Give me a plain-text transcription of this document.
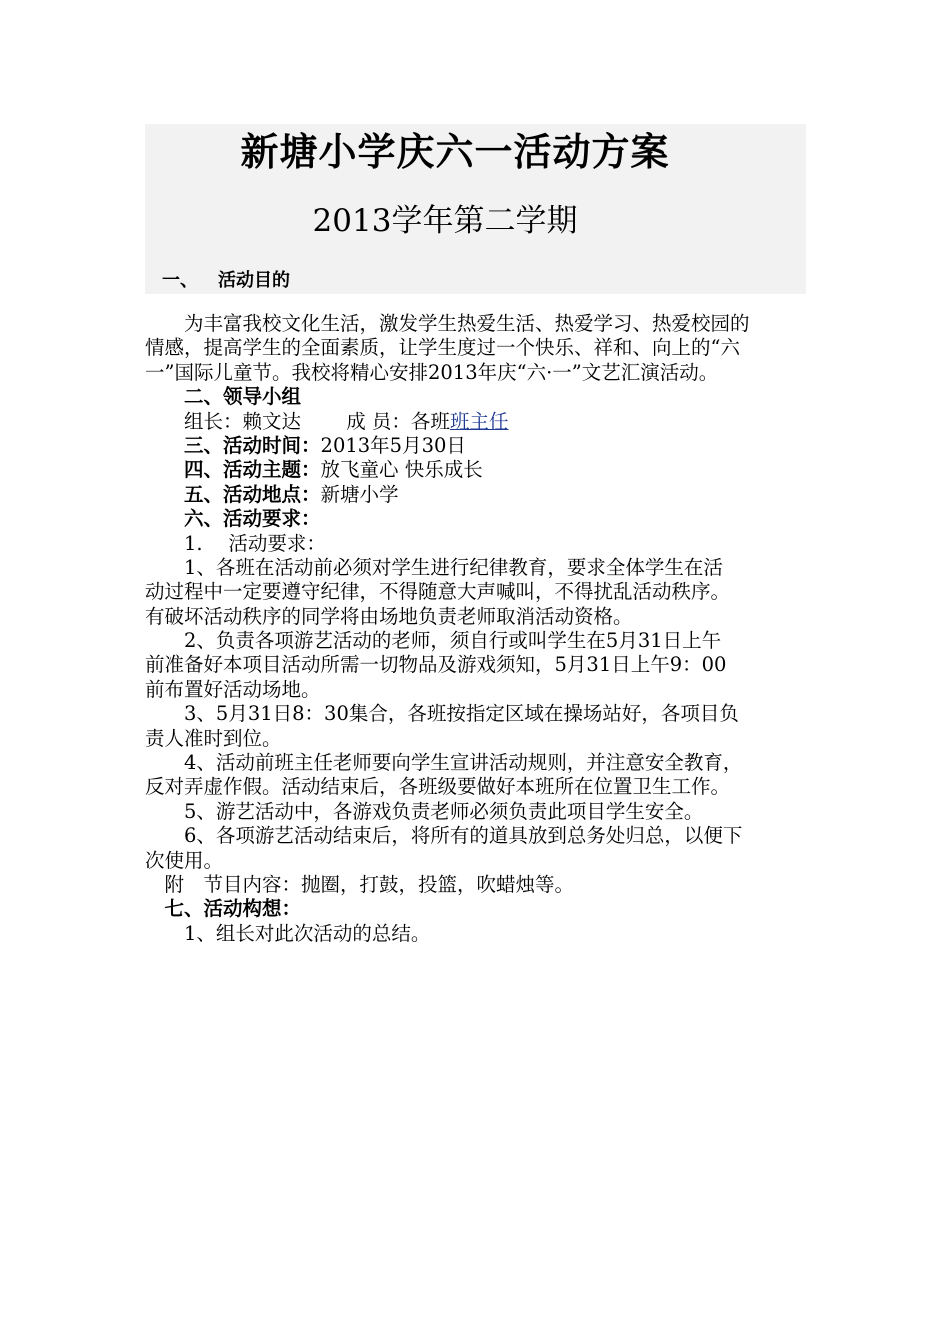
新塘小学庆六一活动方案
2013学年第二学期
一、 活动目的
　　为丰富我校文化生活，激发学生热爱生活、热爱学习、热爱校园的
情感，提高学生的全面素质，让学生度过一个快乐、祥和、向上的“六
一”国际儿童节。我校将精心安排2013年庆“六·一”文艺汇演活动。
　　二、领导小组
　　组长：赖文达　　 成 员：各班班主任
　　三、活动时间：2013年5月30日
　　四、活动主题：放飞童心 快乐成长
　　五、活动地点：新塘小学
　　六、活动要求：
　　1.　 活动要求：
　　1、各班在活动前必须对学生进行纪律教育，要求全体学生在活
动过程中一定要遵守纪律，不得随意大声喊叫，不得扰乱活动秩序。
有破坏活动秩序的同学将由场地负责老师取消活动资格。
　　2、负责各项游艺活动的老师，须自行或叫学生在5月31日上午
前准备好本项目活动所需一切物品及游戏须知，5月31日上午9：00
前布置好活动场地。
　　3、5月31日8：30集合，各班按指定区域在操场站好，各项目负
责人准时到位。
　　4、活动前班主任老师要向学生宣讲活动规则，并注意安全教育，
反对弄虚作假。活动结束后，各班级要做好本班所在位置卫生工作。
　　5、游艺活动中，各游戏负责老师必须负责此项目学生安全。
　　6、各项游艺活动结束后，将所有的道具放到总务处归总，以便下
次使用。
　附　节目内容：抛圈，打鼓，投篮，吹蜡烛等。
　七、活动构想：
　　1、组长对此次活动的总结。
